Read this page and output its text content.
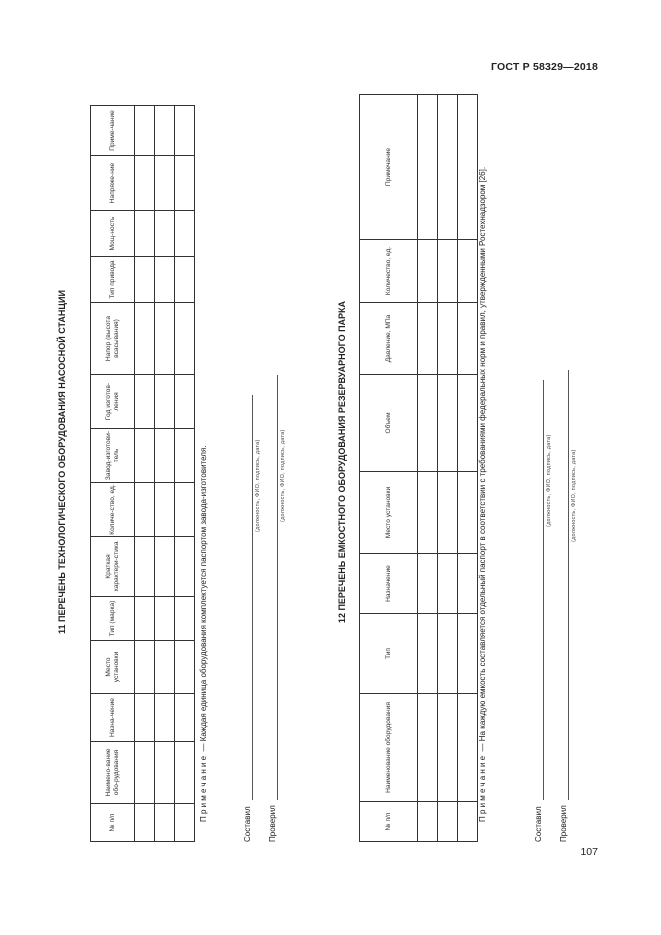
ГОСТ Р 58329—2018
11 ПЕРЕЧЕНЬ ТЕХНОЛОГИЧЕСКОГО ОБОРУДОВАНИЯ НАСОСНОЙ СТАНЦИИ
№ п/п	Наимено-вание обо-рудования	Назна-чение	Место установки	Тип (марка)	Краткая характери-стика	Количе-ство, ед.	Завод-изготови-тель	Год изготов-ления	Напор (высота всасывания)	Тип привода	Мощ-ность	Напряже-ние	Приме-чание

Примечание — Каждая единица оборудования комплектуется паспортом завода-изготовителя.
Составил
(должность, ФИО, подпись, дата)
Проверил
(должность, ФИО, подпись, дата)	12 ПЕРЕЧЕНЬ ЕМКОСТНОГО ОБОРУДОВАНИЯ РЕЗЕРВУАРНОГО ПАРКА
№ п/п	Наименование оборудования	Тип	Назначение	Место установки	Объем	Давление, МПа	Количество, ед.	Примечание

Примечание — На каждую емкость составляется отдельный паспорт в соответствии с требованиями федеральных норм и правил, утвержденными Ростехнадзором [26].
Составил
(должность, ФИО, подпись, дата)
Проверил
(должность, ФИО, подпись, дата)
107
